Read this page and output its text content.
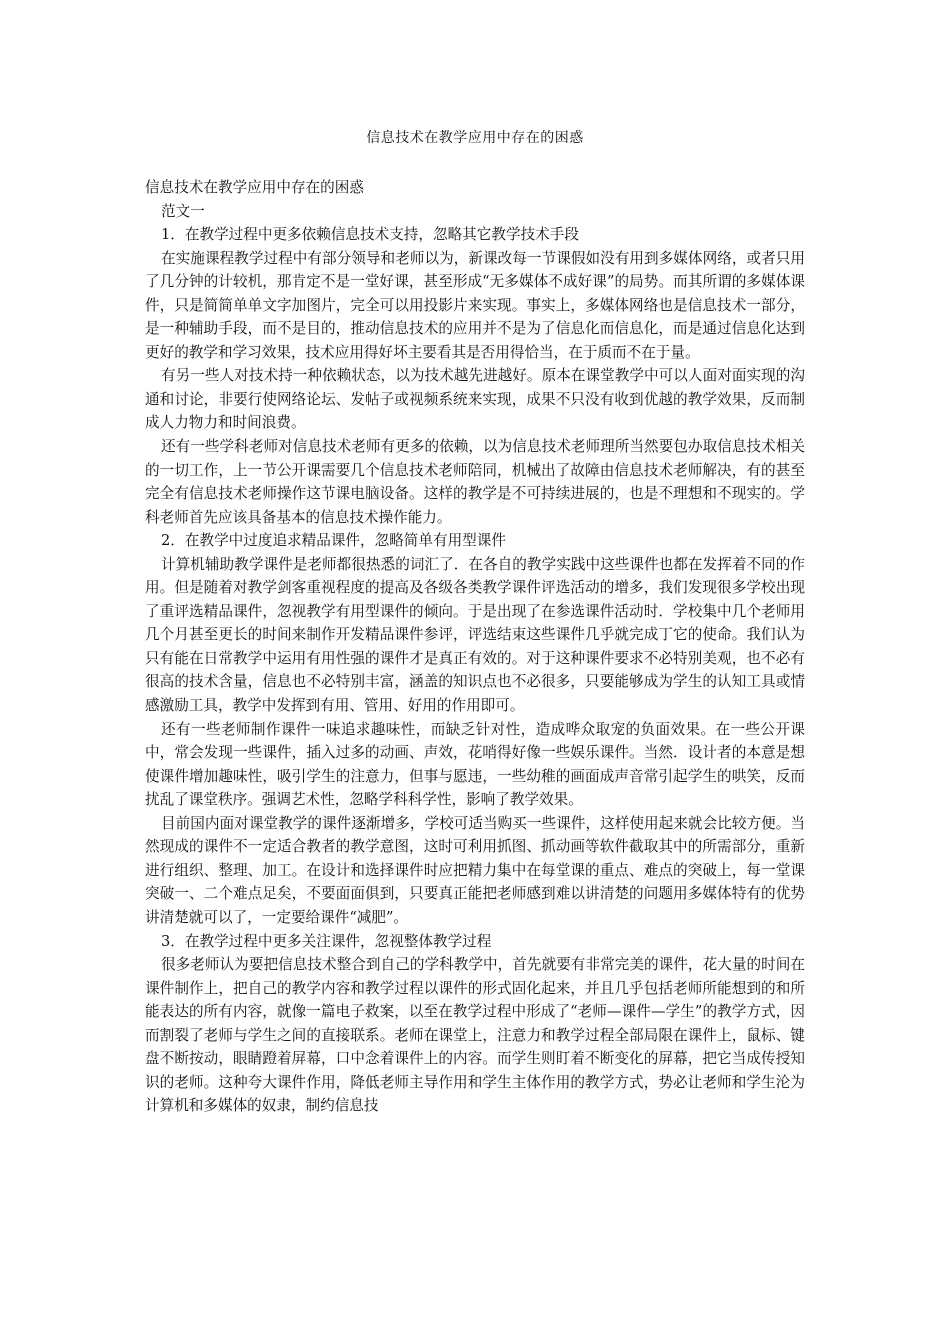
信息技术在教学应用中存在的困惑

信息技术在教学应用中存在的困惑

范文一

1．在教学过程中更多依赖信息技术支持，忽略其它教学技术手段

在实施课程教学过程中有部分领导和老师以为，新课改每一节课假如没有用到多媒体网络，或者只用了几分钟的计较机，那肯定不是一堂好课，甚至形成“无多媒体不成好课”的局势。而其所谓的多媒体课件，只是简简单单文字加图片，完全可以用投影片来实现。事实上，多媒体网络也是信息技术一部分，是一种辅助手段，而不是目的，推动信息技术的应用并不是为了信息化而信息化，而是通过信息化达到更好的教学和学习效果，技术应用得好坏主要看其是否用得恰当，在于质而不在于量。

有另一些人对技术持一种依赖状态，以为技术越先进越好。原本在课堂教学中可以人面对面实现的沟通和讨论，非要行使网络论坛、发帖子或视频系统来实现，成果不只没有收到优越的教学效果，反而制成人力物力和时间浪费。

还有一些学科老师对信息技术老师有更多的依赖，以为信息技术老师理所当然要包办取信息技术相关的一切工作，上一节公开课需要几个信息技术老师陪同，机械出了故障由信息技术老师解决，有的甚至完全有信息技术老师操作这节课电脑设备。这样的教学是不可持续进展的，也是不理想和不现实的。学科老师首先应该具备基本的信息技术操作能力。

2．在教学中过度追求精品课件，忽略简单有用型课件

计算机辅助教学课件是老师都很热悉的词汇了．在各自的教学实践中这些课件也都在发挥着不同的作用。但是随着对教学剑客重视程度的提高及各级各类教学课件评选活动的增多，我们发现很多学校出现了重评选精品课件，忽视教学有用型课件的倾向。于是出现了在参选课件活动时．学校集中几个老师用几个月甚至更长的时间来制作开发精品课件参评，评选结束这些课件几乎就完成丁它的使命。我们认为只有能在日常教学中运用有用性强的课件才是真正有效的。对于这种课件要求不必特别美观，也不必有很高的技术含量，信息也不必特别丰富，涵盖的知识点也不必很多，只要能够成为学生的认知工具或情感激励工具，教学中发挥到有用、管用、好用的作用即可。

还有一些老师制作课件一味追求趣味性，而缺乏针对性，造成哗众取宠的负面效果。在一些公开课中，常会发现一些课件，插入过多的动画、声效，花哨得好像一些娱乐课件。当然．设计者的本意是想使课件增加趣味性，吸引学生的注意力，但事与愿违，一些幼稚的画面成声音常引起学生的哄笑，反而扰乱了课堂秩序。强调艺术性，忽略学科科学性，影响了教学效果。

目前国内面对课堂教学的课件逐渐增多，学校可适当购买一些课件，这样使用起来就会比较方便。当然现成的课件不一定适合教者的教学意图，这时可利用抓图、抓动画等软件截取其中的所需部分，重新进行组织、整理、加工。在设计和选择课件时应把精力集中在每堂课的重点、难点的突破上，每一堂课突破一、二个难点足矣，不要面面俱到，只要真正能把老师感到难以讲清楚的问题用多媒体特有的优势讲清楚就可以了，一定要给课件“减肥”。

3．在教学过程中更多关注课件，忽视整体教学过程

很多老师认为要把信息技术整合到自己的学科教学中，首先就要有非常完美的课件，花大量的时间在课件制作上，把自己的教学内容和教学过程以课件的形式固化起来，并且几乎包括老师所能想到的和所能表达的所有内容，就像一篇电子救案，以至在教学过程中形成了“老师—课件—学生”的教学方式，因而割裂了老师与学生之间的直接联系。老师在课堂上，注意力和教学过程全部局限在课件上，鼠标、键盘不断按动，眼睛蹬着屏幕，口中念着课件上的内容。而学生则盯着不断变化的屏幕，把它当成传授知识的老师。这种夸大课件作用，降低老师主导作用和学生主体作用的教学方式，势必让老师和学生沦为计算机和多媒体的奴隶，制约信息技
